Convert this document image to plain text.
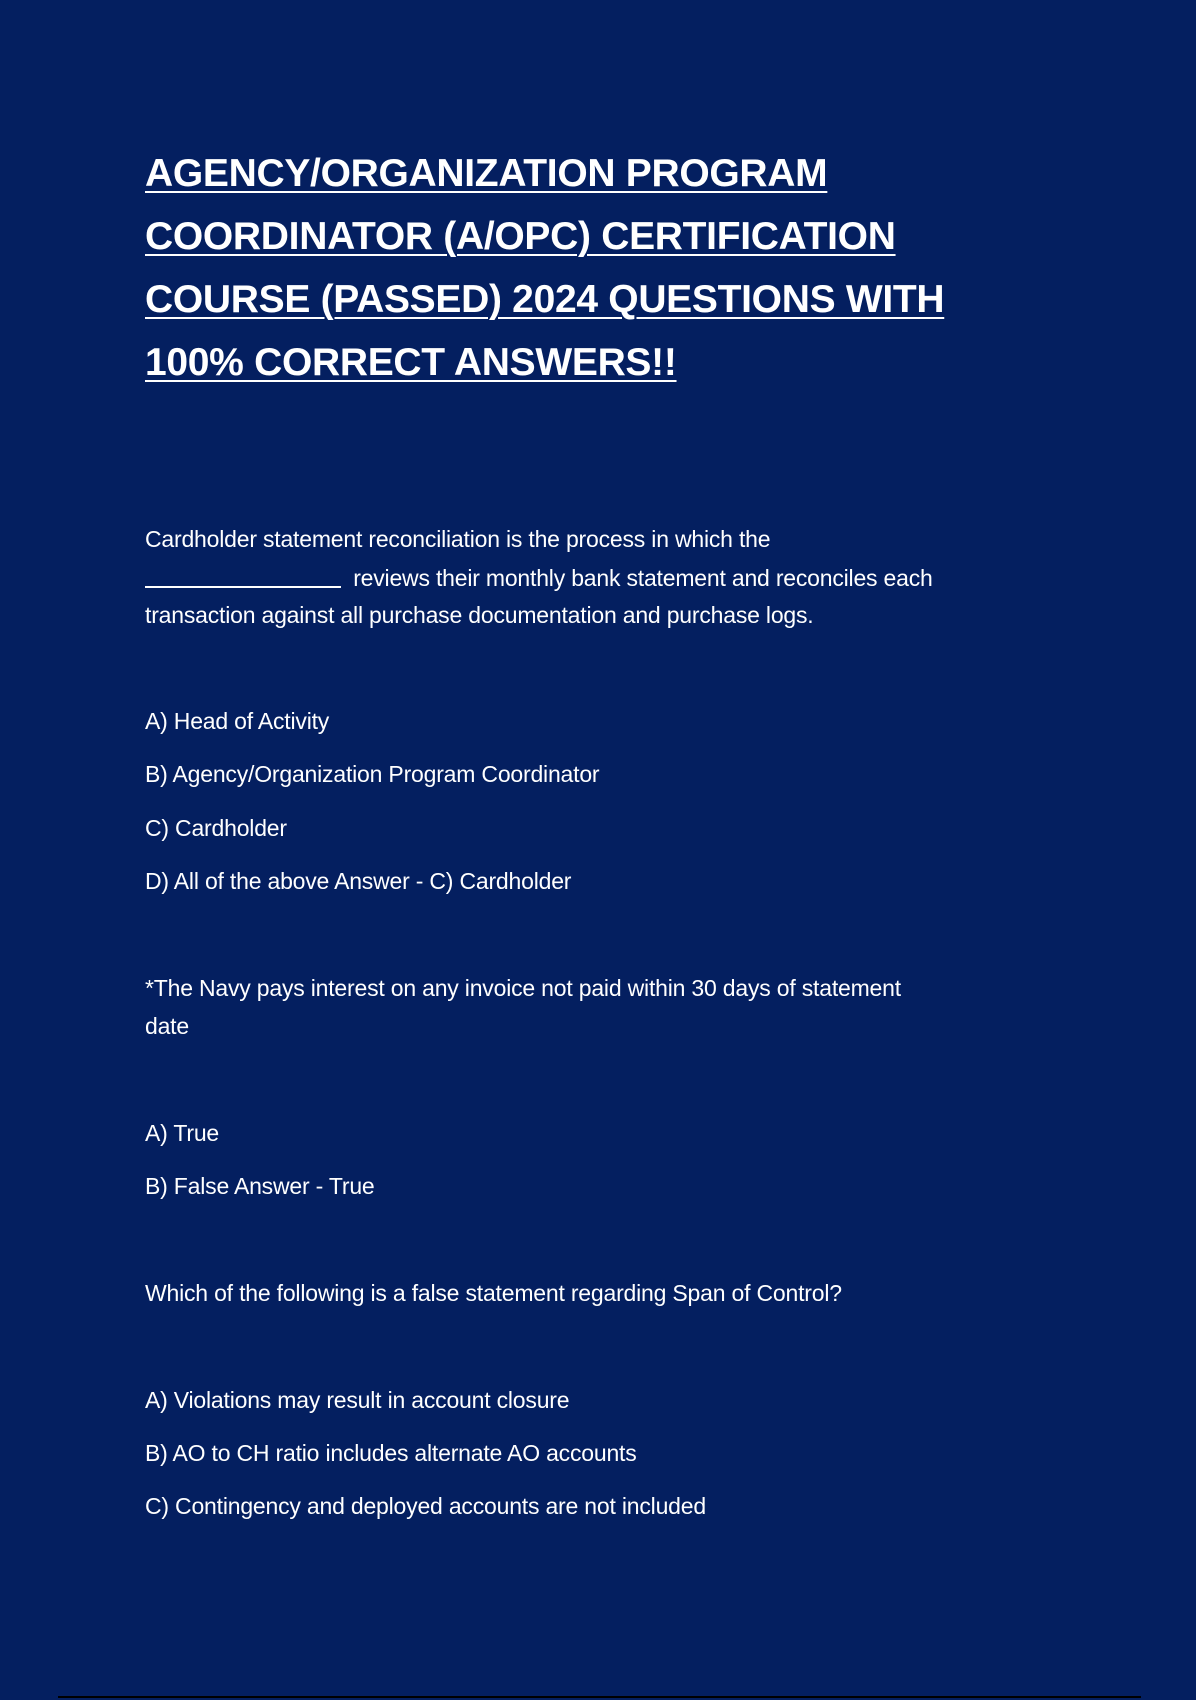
AGENCY/ORGANIZATION PROGRAM
COORDINATOR (A/OPC) CERTIFICATION
COURSE (PASSED) 2024 QUESTIONS WITH
100% CORRECT ANSWERS!!

Cardholder statement reconciliation is the process in which the

reviews their monthly bank statement and reconciles each

transaction against all purchase documentation and purchase logs.

A) Head of Activity

B) Agency/Organization Program Coordinator

C) Cardholder

D) All of the above Answer - C) Cardholder

*The Navy pays interest on any invoice not paid within 30 days of statement

date

A) True

B) False Answer - True

Which of the following is a false statement regarding Span of Control?

A) Violations may result in account closure

B) AO to CH ratio includes alternate AO accounts

C) Contingency and deployed accounts are not included
